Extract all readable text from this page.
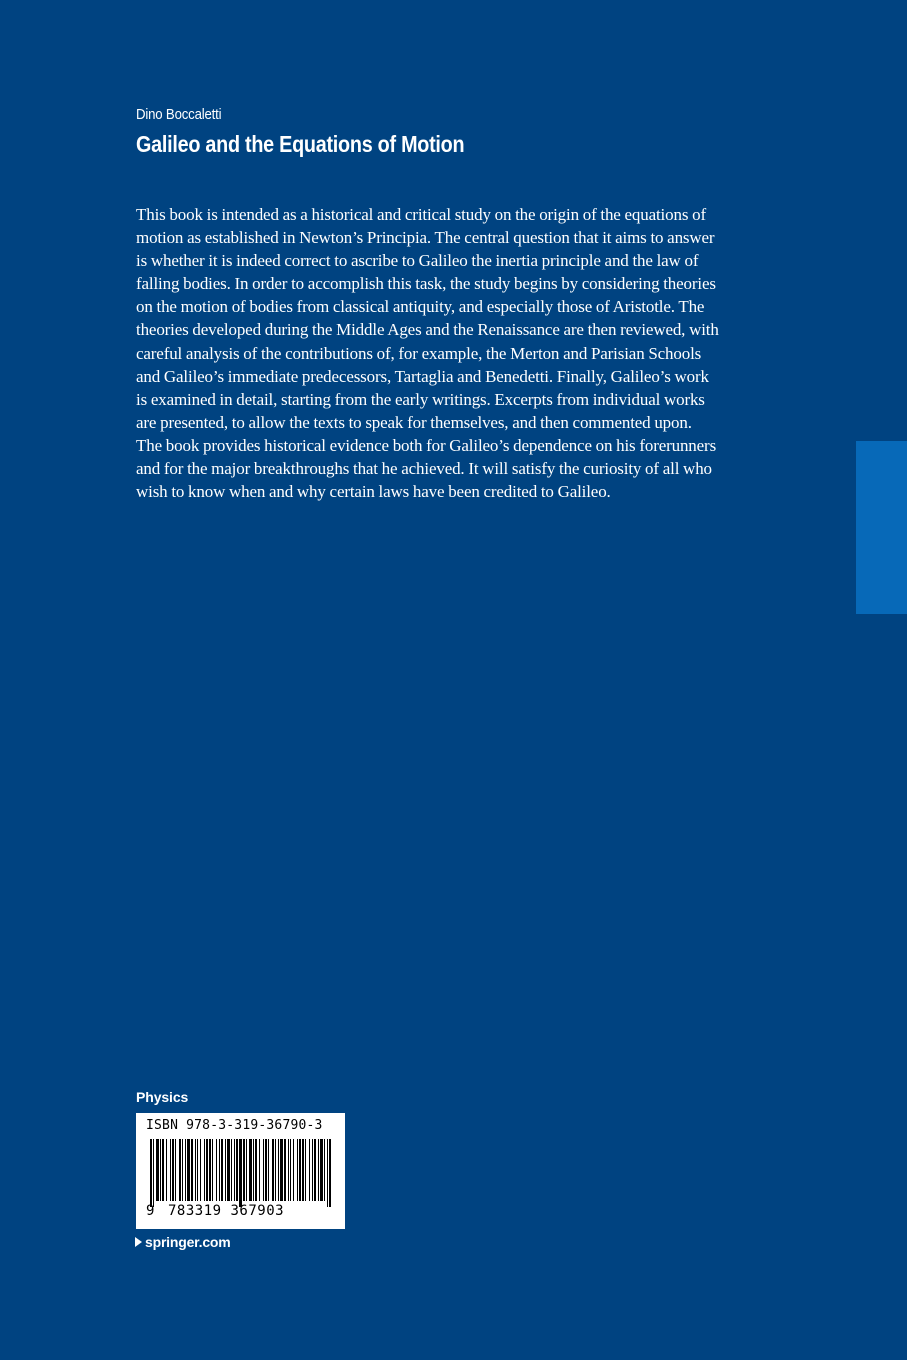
Dino Boccaletti
Galileo and the Equations of Motion

This book is intended as a historical and critical study on the origin of the equations of
motion as established in Newton’s Principia. The central question that it aims to answer
is whether it is indeed correct to ascribe to Galileo the inertia principle and the law of
falling bodies. In order to accomplish this task, the study begins by considering theories
on the motion of bodies from classical antiquity, and especially those of Aristotle. The
theories developed during the Middle Ages and the Renaissance are then reviewed, with
careful analysis of the contributions of, for example, the Merton and Parisian Schools
and Galileo’s immediate predecessors, Tartaglia and Benedetti. Finally, Galileo’s work
is examined in detail, starting from the early writings. Excerpts from individual works
are presented, to allow the texts to speak for themselves, and then commented upon.
The book provides historical evidence both for Galileo’s dependence on his forerunners
and for the major breakthroughs that he achieved. It will satisfy the curiosity of all who
wish to know when and why certain laws have been credited to Galileo.

Physics
ISBN 978-3-319-36790-3
9 783319 367903
springer.com
